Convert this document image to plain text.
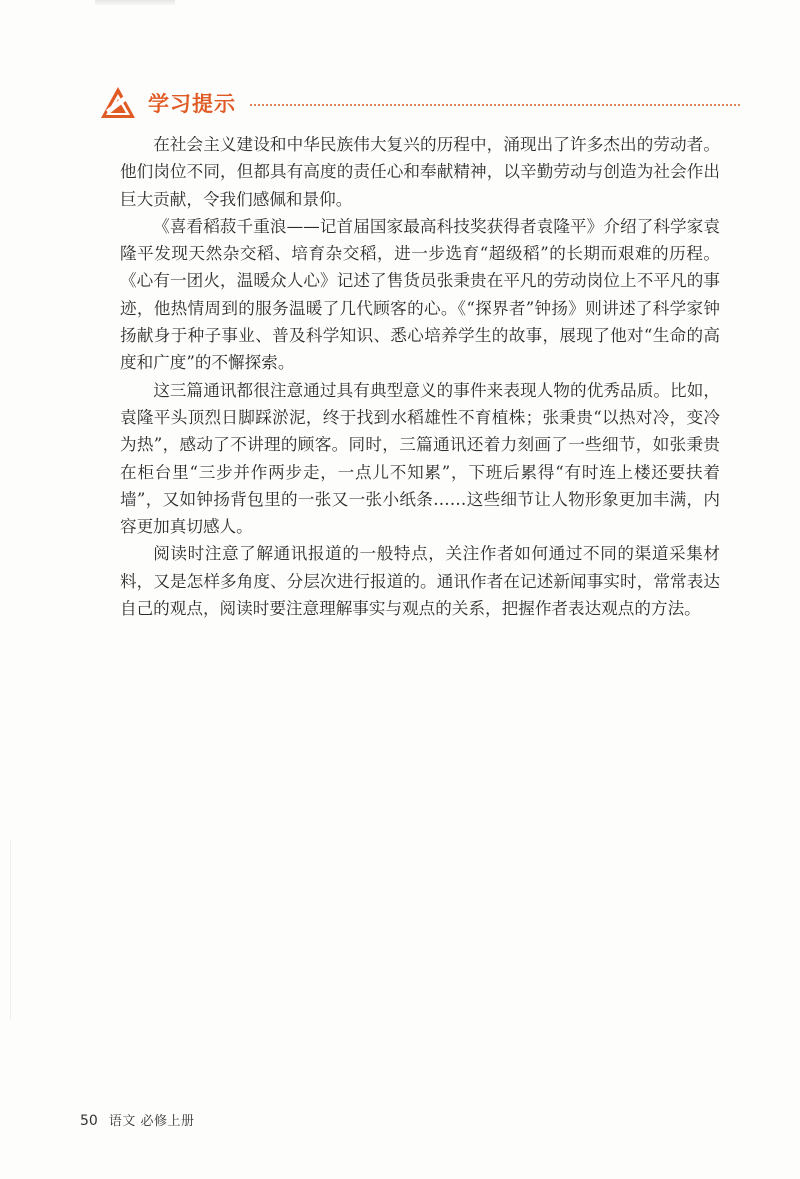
学习提示

在社会主义建设和中华民族伟大复兴的历程中，涌现出了许多杰出的劳动者。他们岗位不同，但都具有高度的责任心和奉献精神，以辛勤劳动与创造为社会作出巨大贡献，令我们感佩和景仰。

《喜看稻菽千重浪——记首届国家最高科技奖获得者袁隆平》介绍了科学家袁隆平发现天然杂交稻、培育杂交稻，进一步选育“超级稻”的长期而艰难的历程。《心有一团火，温暖众人心》记述了售货员张秉贵在平凡的劳动岗位上不平凡的事迹，他热情周到的服务温暖了几代顾客的心。《“探界者”钟扬》则讲述了科学家钟扬献身于种子事业、普及科学知识、悉心培养学生的故事，展现了他对“生命的高度和广度”的不懈探索。

这三篇通讯都很注意通过具有典型意义的事件来表现人物的优秀品质。比如，袁隆平头顶烈日脚踩淤泥，终于找到水稻雄性不育植株；张秉贵“以热对冷，变冷为热”，感动了不讲理的顾客。同时，三篇通讯还着力刻画了一些细节，如张秉贵在柜台里“三步并作两步走，一点儿不知累”，下班后累得“有时连上楼还要扶着墙”，又如钟扬背包里的一张又一张小纸条……这些细节让人物形象更加丰满，内容更加真切感人。

阅读时注意了解通讯报道的一般特点，关注作者如何通过不同的渠道采集材料，又是怎样多角度、分层次进行报道的。通讯作者在记述新闻事实时，常常表达自己的观点，阅读时要注意理解事实与观点的关系，把握作者表达观点的方法。

50 语文 必修上册
